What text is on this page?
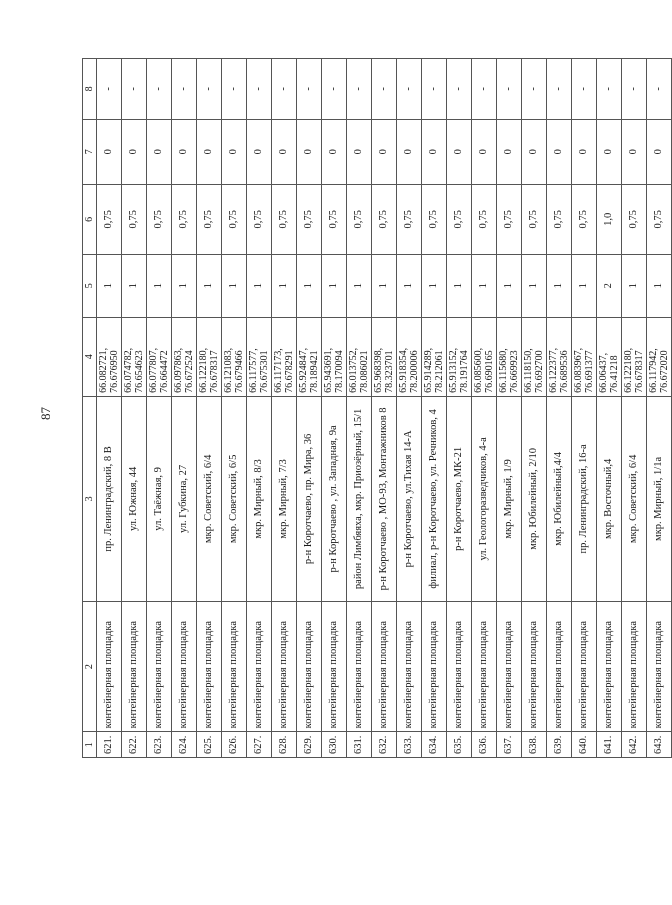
87
1	2	3	4	5	6	7	8
621.	контейнерная площадка	пр. Ленинградский, 8 В	66.082721, 76.676950	1	0,75	0	-
622.	контейнерная площадка	ул. Южная, 44	66.074782, 76.654623	1	0,75	0	-
623.	контейнерная площадка	ул. Таёжная, 9	66.077807, 76.664472	1	0,75	0	-
624.	контейнерная площадка	ул. Губкина, 27	66.097863, 76.672524	1	0,75	0	-
625.	контейнерная площадка	мкр. Советский, 6/4	66.122180, 76.678317	1	0,75	0	-
626.	контейнерная площадка	мкр. Советский, 6/5	66.121083, 76.679466	1	0,75	0	-
627.	контейнерная площадка	мкр. Мирный, 8/3	66.117577, 76.675301	1	0,75	0	-
628.	контейнерная площадка	мкр. Мирный, 7/3	66.117173, 76.678291	1	0,75	0	-
629.	контейнерная площадка	р-н Коротчаево, пр. Мира, 36	65.924847, 78.189421	1	0,75	0	-
630.	контейнерная площадка	р-н Коротчаево , ул. Западная, 9а	65.943691, 78.170094	1	0,75	0	-
631.	контейнерная площадка	район Лимбяяха, мкр. Приозёрный, 15/1	66.013752, 78.086021	1	0,75	0	-
632.	контейнерная площадка	р-н Коротчаево , МО-93, Монтажников 8	65.968398, 78.323701	1	0,75	0	-
633.	контейнерная площадка	р-н Коротчаево, ул.Тихая 14-А	65.918354, 78.200006	1	0,75	0	-
634.	контейнерная площадка	филиал, р-н Коротчаево, ул. Речников, 4	65.914289, 78.212061	1	0,75	0	-
635.	контейнерная площадка	р-н Коротчаево, МК-21	65.913152, 78.191764	1	0,75	0	-
636.	контейнерная площадка	ул. Геологоразведчиков, 4-а	66.085600, 76.690165	1	0,75	0	-
637.	контейнерная площадка	мкр. Мирный, 1/9	66.115680, 76.669923	1	0,75	0	-
638.	контейнерная площадка	мкр. Юбилейный, 2/10	66.118150, 76.692700	1	0,75	0	-
639.	контейнерная площадка	мкр. Юбилейный,4/4	66.122377, 76.689536	1	0,75	0	-
640.	контейнерная площадка	пр. Ленинградский, 16-а	66.083967, 76.691377	1	0,75	0	-
641.	контейнерная площадка	мкр. Восточный,4	66.06437, 76.41218	2	1,0	0	-
642.	контейнерная площадка	мкр. Советский, 6/4	66.122180, 76.678317	1	0,75	0	-
643.	контейнерная площадка	мкр. Мирный, 1/1а	66.117942, 76.672020	1	0,75	0	-
